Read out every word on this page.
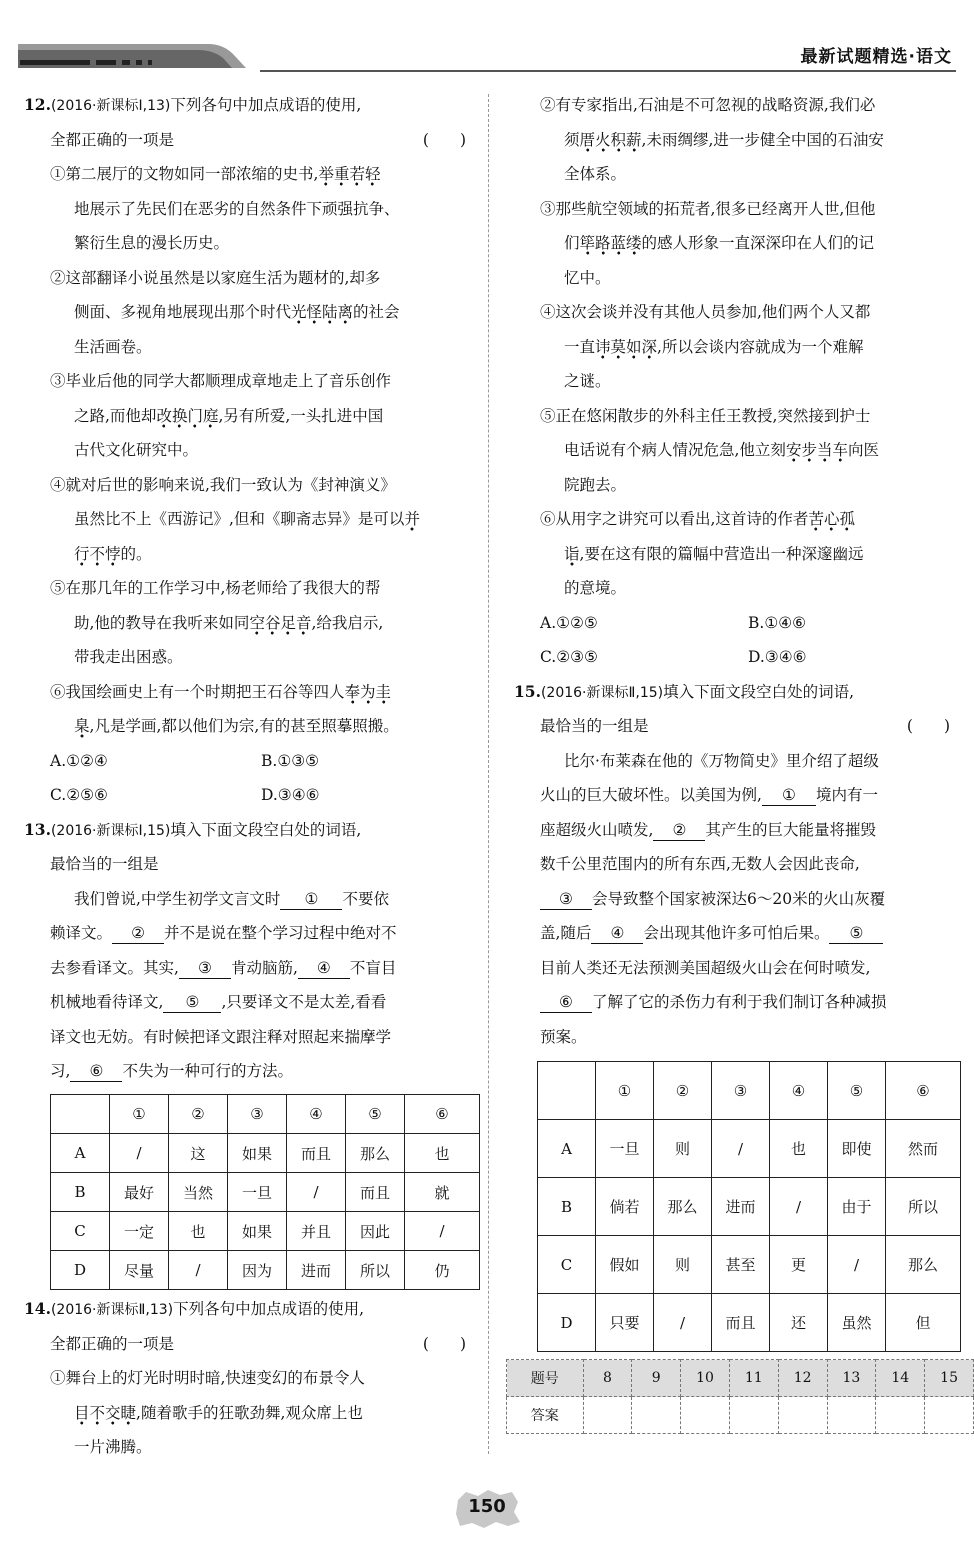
最新试题精选·语文
12.(2016·新课标Ⅰ,13)下列各句中加点成语的使用,
全都正确的一项是	(　　)
①第二展厅的文物如同一部浓缩的史书,举重若轻
地展示了先民们在恶劣的自然条件下顽强抗争、
繁衍生息的漫长历史。
②这部翻译小说虽然是以家庭生活为题材的,却多
侧面、多视角地展现出那个时代光怪陆离的社会
生活画卷。
③毕业后他的同学大都顺理成章地走上了音乐创作
之路,而他却改换门庭,另有所爱,一头扎进中国
古代文化研究中。
④就对后世的影响来说,我们一致认为《封神演义》
虽然比不上《西游记》,但和《聊斋志异》是可以并
行不悖的。
⑤在那几年的工作学习中,杨老师给了我很大的帮
助,他的教导在我听来如同空谷足音,给我启示,
带我走出困惑。
⑥我国绘画史上有一个时期把王石谷等四人奉为圭
臬,凡是学画,都以他们为宗,有的甚至照摹照搬。
A.①②④	B.①③⑤
C.②⑤⑥	D.③④⑥
13.(2016·新课标Ⅰ,15)填入下面文段空白处的词语,
最恰当的一组是
我们曾说,中学生初学文言文时 ① 不要依
赖译文。 ② 并不是说在整个学习过程中绝对不
去参看译文。其实, ③ 肯动脑筋, ④ 不盲目
机械地看待译文, ⑤ ,只要译文不是太差,看看
译文也无妨。有时候把译文跟注释对照起来揣摩学
习, ⑥ 不失为一种可行的方法。
	①	②	③	④	⑤	⑥
A	/	这	如果	而且	那么	也
B	最好	当然	一旦	/	而且	就
C	一定	也	如果	并且	因此	/
D	尽量	/	因为	进而	所以	仍
14.(2016·新课标Ⅱ,13)下列各句中加点成语的使用,
全都正确的一项是	(　　)
①舞台上的灯光时明时暗,快速变幻的布景令人
目不交睫,随着歌手的狂歌劲舞,观众席上也
一片沸腾。
②有专家指出,石油是不可忽视的战略资源,我们必
须厝火积薪,未雨绸缪,进一步健全中国的石油安
全体系。
③那些航空领域的拓荒者,很多已经离开人世,但他
们筚路蓝缕的感人形象一直深深印在人们的记
忆中。
④这次会谈并没有其他人员参加,他们两个人又都
一直讳莫如深,所以会谈内容就成为一个难解
之谜。
⑤正在悠闲散步的外科主任王教授,突然接到护士
电话说有个病人情况危急,他立刻安步当车向医
院跑去。
⑥从用字之讲究可以看出,这首诗的作者苦心孤
诣,要在这有限的篇幅中营造出一种深邃幽远
的意境。
A.①②⑤	B.①④⑥
C.②③⑤	D.③④⑥
15.(2016·新课标Ⅱ,15)填入下面文段空白处的词语,
最恰当的一组是	(　　)
比尔·布莱森在他的《万物简史》里介绍了超级
火山的巨大破坏性。以美国为例, ① 境内有一
座超级火山喷发, ② 其产生的巨大能量将摧毁
数千公里范围内的所有东西,无数人会因此丧命,
③ 会导致整个国家被深达6～20米的火山灰覆
盖,随后 ④ 会出现其他许多可怕后果。 ⑤
目前人类还无法预测美国超级火山会在何时喷发,
⑥ 了解了它的杀伤力有利于我们制订各种减损
预案。
	①	②	③	④	⑤	⑥
A	一旦	则	/	也	即使	然而
B	倘若	那么	进而	/	由于	所以
C	假如	则	甚至	更	/	那么
D	只要	/	而且	还	虽然	但
题号	8	9	10	11	12	13	14	15
答案								
150
